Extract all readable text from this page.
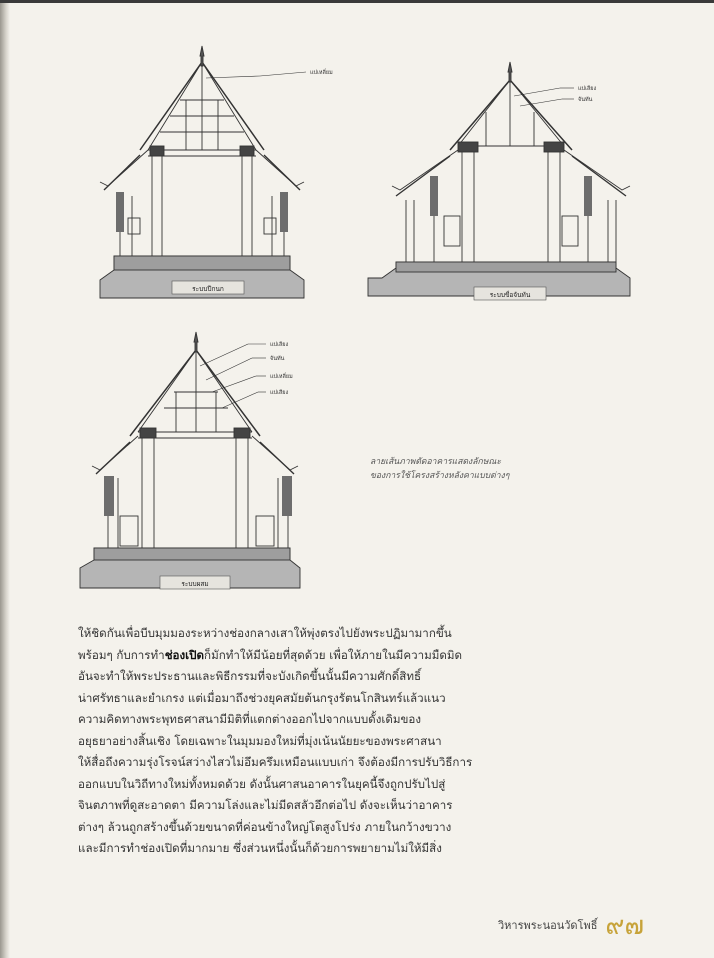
แปเหลี่ยม
ระบบปีกนก
แปเลียง
จันทัน
ระบบขื่อจันทัน
แปเลียง
จันทัน
แปเหลี่ยม
แปเสียง
ระบบผสม
ลายเส้นภาพตัดอาคารแสดงลักษณะ
ของการใช้โครงสร้างหลังคาแบบต่างๆ
ให้ชิดกันเพื่อบีบมุมมองระหว่างช่องกลางเสาให้พุ่งตรงไปยังพระปฏิมามากขึ้น
พร้อมๆ กับการทำช่องเปิดก็มักทำให้มีน้อยที่สุดด้วย เพื่อให้ภายในมีความมืดมิด
อันจะทำให้พระประธานและพิธีกรรมที่จะบังเกิดขึ้นนั้นมีความศักดิ์สิทธิ์
น่าศรัทธาและยำเกรง แต่เมื่อมาถึงช่วงยุคสมัยต้นกรุงรัตนโกสินทร์แล้วแนว
ความคิดทางพระพุทธศาสนามีมิติที่แตกต่างออกไปจากแบบดั้งเดิมของ
อยุธยาอย่างสิ้นเชิง โดยเฉพาะในมุมมองใหม่ที่มุ่งเน้นนัยยะของพระศาสนา
ให้สื่อถึงความรุ่งโรจน์สว่างไสวไม่อึมครึมเหมือนแบบเก่า จึงต้องมีการปรับวิธีการ
ออกแบบในวิถีทางใหม่ทั้งหมดด้วย ดังนั้นศาสนอาคารในยุคนี้จึงถูกปรับไปสู่
จินตภาพที่ดูสะอาดตา มีความโล่งและไม่มีดสลัวอึกต่อไป ดังจะเห็นว่าอาคาร
ต่างๆ ล้วนถูกสร้างขึ้นด้วยขนาดที่ค่อนข้างใหญ่โตสูงโปร่ง ภายในกว้างขวาง
และมีการทำช่องเปิดที่มากมาย ซึ่งส่วนหนึ่งนั้นก็ด้วยการพยายามไม่ให้มีสิ่ง
วิหารพระนอนวัดโพธิ์ ๙๗
